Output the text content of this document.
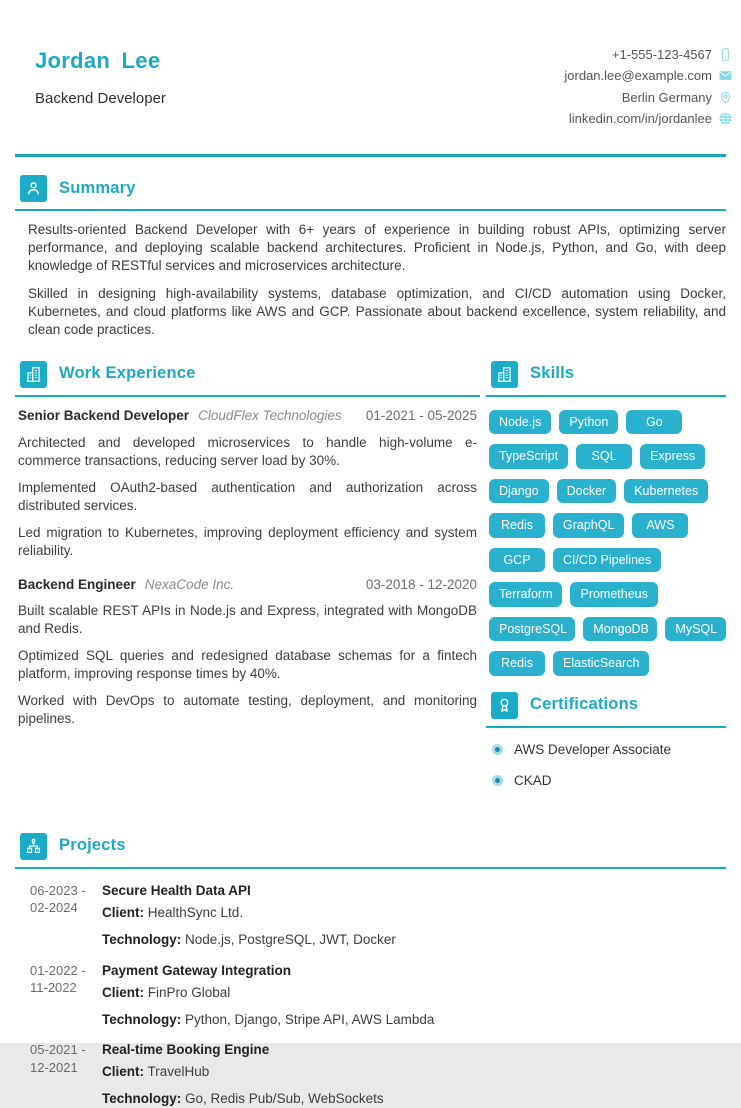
Jordan Lee
Backend Developer
+1-555-123-4567
jordan.lee@example.com
Berlin Germany
linkedin.com/in/jordanlee
Summary

Results-oriented Backend Developer with 6+ years of experience in building robust APIs, optimizing server performance, and deploying scalable backend architectures. Proficient in Node.js, Python, and Go, with deep knowledge of RESTful services and microservices architecture.

Skilled in designing high-availability systems, database optimization, and CI/CD automation using Docker, Kubernetes, and cloud platforms like AWS and GCP. Passionate about backend excellence, system reliability, and clean code practices.

Work Experience
Senior Backend Developer CloudFlex Technologies 01-2021 - 05-2025

Architected and developed microservices to handle high-volume e-commerce transactions, reducing server load by 30%.

Implemented OAuth2-based authentication and authorization across distributed services.

Led migration to Kubernetes, improving deployment efficiency and system reliability.

Backend Engineer NexaCode Inc.	03-2018 - 12-2020

Built scalable REST APIs in Node.js and Express, integrated with MongoDB and Redis.

Optimized SQL queries and redesigned database schemas for a fintech platform, improving response times by 40%.

Worked with DevOps to automate testing, deployment, and monitoring pipelines.

Skills
Node.js	Python	Go
TypeScript	SQL	Express
Django	Docker	Kubernetes
Redis	GraphQL	AWS
GCP	CI/CD Pipelines
Terraform	Prometheus
PostgreSQL	MongoDB	MySQL
Redis	ElasticSearch
Certifications
AWS Developer Associate
CKAD
Projects
06-2023 -
02-2024
Secure Health Data API
Client: HealthSync Ltd.
Technology: Node.js, PostgreSQL, JWT, Docker
01-2022 -
11-2022
Payment Gateway Integration
Client: FinPro Global
Technology: Python, Django, Stripe API, AWS Lambda
05-2021 -
12-2021
Real-time Booking Engine
Client: TravelHub
Technology: Go, Redis Pub/Sub, WebSockets
